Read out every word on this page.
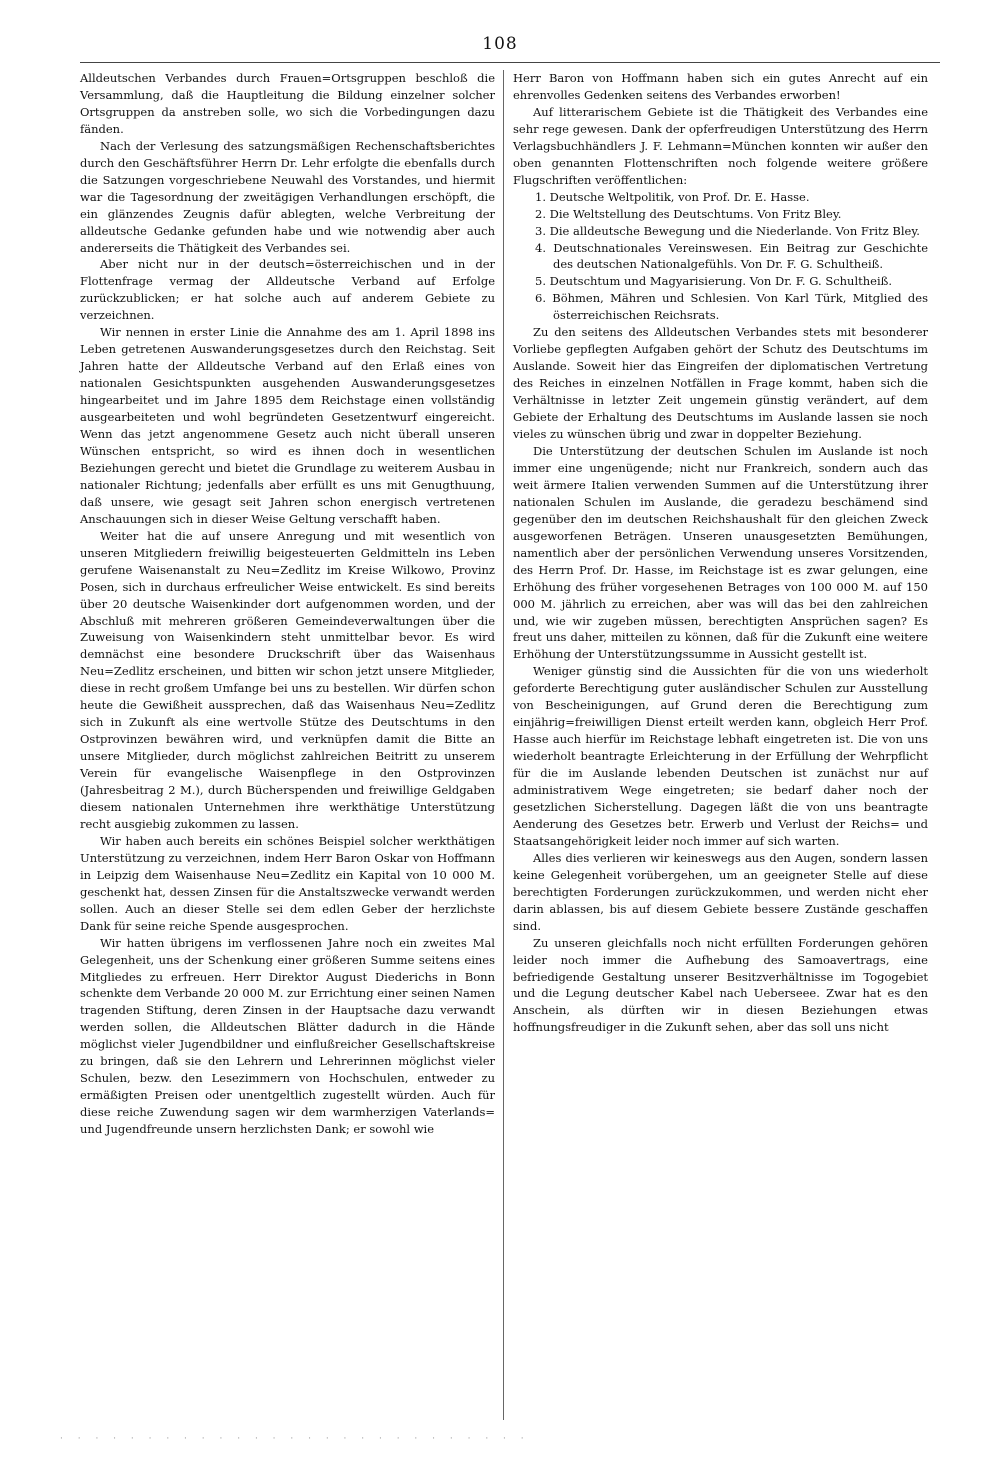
108

Alldeutschen Verbandes durch Frauen=Ortsgruppen beschloß die Versammlung, daß die Hauptleitung die Bildung einzelner solcher Ortsgruppen da anstreben solle, wo sich die Vorbedingungen dazu fänden.

Nach der Verlesung des satzungsmäßigen Rechenschaftsberichtes durch den Geschäftsführer Herrn Dr. Lehr erfolgte die ebenfalls durch die Satzungen vorgeschriebene Neuwahl des Vorstandes, und hiermit war die Tagesordnung der zweitägigen Verhandlungen erschöpft, die ein glänzendes Zeugnis dafür ablegten, welche Verbreitung der alldeutsche Gedanke gefunden habe und wie notwendig aber auch andererseits die Thätigkeit des Verbandes sei.

Aber nicht nur in der deutsch=österreichischen und in der Flottenfrage vermag der Alldeutsche Verband auf Erfolge zurückzublicken; er hat solche auch auf anderem Gebiete zu verzeichnen.

Wir nennen in erster Linie die Annahme des am 1. April 1898 ins Leben getretenen Auswanderungsgesetzes durch den Reichstag. Seit Jahren hatte der Alldeutsche Verband auf den Erlaß eines von nationalen Gesichtspunkten ausgehenden Auswanderungsgesetzes hingearbeitet und im Jahre 1895 dem Reichstage einen vollständig ausgearbeiteten und wohl begründeten Gesetzentwurf eingereicht. Wenn das jetzt angenommene Gesetz auch nicht überall unseren Wünschen entspricht, so wird es ihnen doch in wesentlichen Beziehungen gerecht und bietet die Grundlage zu weiterem Ausbau in nationaler Richtung; jedenfalls aber erfüllt es uns mit Genugthuung, daß unsere, wie gesagt seit Jahren schon energisch vertretenen Anschauungen sich in dieser Weise Geltung verschafft haben.

Weiter hat die auf unsere Anregung und mit wesentlich von unseren Mitgliedern freiwillig beigesteuerten Geldmitteln ins Leben gerufene Waisenanstalt zu Neu=Zedlitz im Kreise Wilkowo, Provinz Posen, sich in durchaus erfreulicher Weise entwickelt. Es sind bereits über 20 deutsche Waisenkinder dort aufgenommen worden, und der Abschluß mit mehreren größeren Gemeindeverwaltungen über die Zuweisung von Waisenkindern steht unmittelbar bevor. Es wird demnächst eine besondere Druckschrift über das Waisenhaus Neu=Zedlitz erscheinen, und bitten wir schon jetzt unsere Mitglieder, diese in recht großem Umfange bei uns zu bestellen. Wir dürfen schon heute die Gewißheit aussprechen, daß das Waisenhaus Neu=Zedlitz sich in Zukunft als eine wertvolle Stütze des Deutschtums in den Ostprovinzen bewähren wird, und verknüpfen damit die Bitte an unsere Mitglieder, durch möglichst zahlreichen Beitritt zu unserem Verein für evangelische Waisenpflege in den Ostprovinzen (Jahresbeitrag 2 M.), durch Bücherspenden und freiwillige Geldgaben diesem nationalen Unternehmen ihre werkthätige Unterstützung recht ausgiebig zukommen zu lassen.

Wir haben auch bereits ein schönes Beispiel solcher werkthätigen Unterstützung zu verzeichnen, indem Herr Baron Oskar von Hoffmann in Leipzig dem Waisenhause Neu=Zedlitz ein Kapital von 10 000 M. geschenkt hat, dessen Zinsen für die Anstaltszwecke verwandt werden sollen. Auch an dieser Stelle sei dem edlen Geber der herzlichste Dank für seine reiche Spende ausgesprochen.

Wir hatten übrigens im verflossenen Jahre noch ein zweites Mal Gelegenheit, uns der Schenkung einer größeren Summe seitens eines Mitgliedes zu erfreuen. Herr Direktor August Diederichs in Bonn schenkte dem Verbande 20 000 M. zur Errichtung einer seinen Namen tragenden Stiftung, deren Zinsen in der Hauptsache dazu verwandt werden sollen, die Alldeutschen Blätter dadurch in die Hände möglichst vieler Jugendbildner und einflußreicher Gesellschaftskreise zu bringen, daß sie den Lehrern und Lehrerinnen möglichst vieler Schulen, bezw. den Lesezimmern von Hochschulen, entweder zu ermäßigten Preisen oder unentgeltlich zugestellt würden. Auch für diese reiche Zuwendung sagen wir dem warmherzigen Vaterlands= und Jugendfreunde unsern herzlichsten Dank; er sowohl wie

Herr Baron von Hoffmann haben sich ein gutes Anrecht auf ein ehrenvolles Gedenken seitens des Verbandes erworben!

Auf litterarischem Gebiete ist die Thätigkeit des Verbandes eine sehr rege gewesen. Dank der opferfreudigen Unterstützung des Herrn Verlagsbuchhändlers J. F. Lehmann=München konnten wir außer den oben genannten Flottenschriften noch folgende weitere größere Flugschriften veröffentlichen:

1. Deutsche Weltpolitik, von Prof. Dr. E. Hasse.
2. Die Weltstellung des Deutschtums. Von Fritz Bley.
3. Die alldeutsche Bewegung und die Niederlande. Von Fritz Bley.
4. Deutschnationales Vereinswesen. Ein Beitrag zur Geschichte des deutschen Nationalgefühls. Von Dr. F. G. Schultheiß.
5. Deutschtum und Magyarisierung. Von Dr. F. G. Schultheiß.
6. Böhmen, Mähren und Schlesien. Von Karl Türk, Mitglied des österreichischen Reichsrats.

Zu den seitens des Alldeutschen Verbandes stets mit besonderer Vorliebe gepflegten Aufgaben gehört der Schutz des Deutschtums im Auslande. Soweit hier das Eingreifen der diplomatischen Vertretung des Reiches in einzelnen Notfällen in Frage kommt, haben sich die Verhältnisse in letzter Zeit ungemein günstig verändert, auf dem Gebiete der Erhaltung des Deutschtums im Auslande lassen sie noch vieles zu wünschen übrig und zwar in doppelter Beziehung.

Die Unterstützung der deutschen Schulen im Auslande ist noch immer eine ungenügende; nicht nur Frankreich, sondern auch das weit ärmere Italien verwenden Summen auf die Unterstützung ihrer nationalen Schulen im Auslande, die geradezu beschämend sind gegenüber den im deutschen Reichshaushalt für den gleichen Zweck ausgeworfenen Beträgen. Unseren unausgesetzten Bemühungen, namentlich aber der persönlichen Verwendung unseres Vorsitzenden, des Herrn Prof. Dr. Hasse, im Reichstage ist es zwar gelungen, eine Erhöhung des früher vorgesehenen Betrages von 100 000 M. auf 150 000 M. jährlich zu erreichen, aber was will das bei den zahlreichen und, wie wir zugeben müssen, berechtigten Ansprüchen sagen? Es freut uns daher, mitteilen zu können, daß für die Zukunft eine weitere Erhöhung der Unterstützungssumme in Aussicht gestellt ist.

Weniger günstig sind die Aussichten für die von uns wiederholt geforderte Berechtigung guter ausländischer Schulen zur Ausstellung von Bescheinigungen, auf Grund deren die Berechtigung zum einjährig=freiwilligen Dienst erteilt werden kann, obgleich Herr Prof. Hasse auch hierfür im Reichstage lebhaft eingetreten ist. Die von uns wiederholt beantragte Erleichterung in der Erfüllung der Wehrpflicht für die im Auslande lebenden Deutschen ist zunächst nur auf administrativem Wege eingetreten; sie bedarf daher noch der gesetzlichen Sicherstellung. Dagegen läßt die von uns beantragte Aenderung des Gesetzes betr. Erwerb und Verlust der Reichs= und Staatsangehörigkeit leider noch immer auf sich warten.

Alles dies verlieren wir keineswegs aus den Augen, sondern lassen keine Gelegenheit vorübergehen, um an geeigneter Stelle auf diese berechtigten Forderungen zurückzukommen, und werden nicht eher darin ablassen, bis auf diesem Gebiete bessere Zustände geschaffen sind.

Zu unseren gleichfalls noch nicht erfüllten Forderungen gehören leider noch immer die Aufhebung des Samoavertrags, eine befriedigende Gestaltung unserer Besitzverhältnisse im Togogebiet und die Legung deutscher Kabel nach Ueberseee. Zwar hat es den Anschein, als dürften wir in diesen Beziehungen etwas hoffnungsfreudiger in die Zukunft sehen, aber das soll uns nicht

· · · · · · · · · · · · · · · · · · · · · · · · · · ·
